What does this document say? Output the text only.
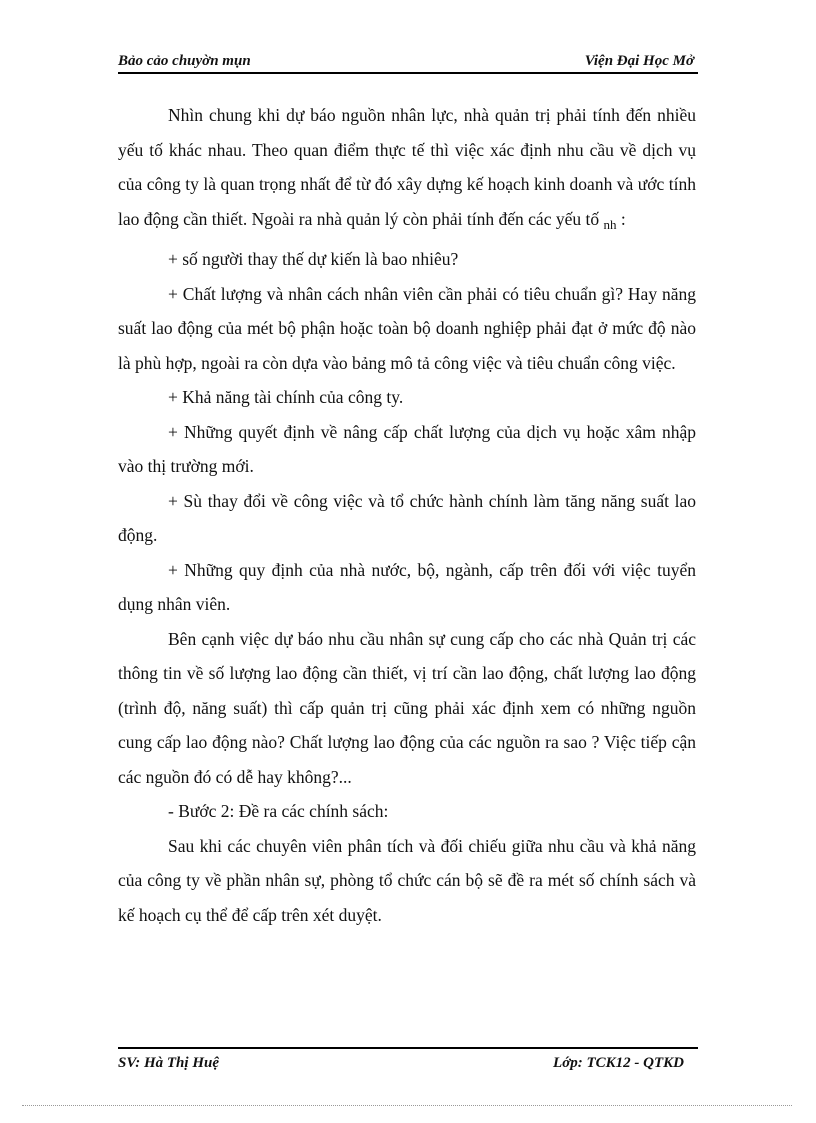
Bảo cảo chuyờn mụn	Viện Đại Học Mở

Nhìn chung khi dự báo nguồn nhân lực, nhà quản trị phải tính đến nhiều yếu tố khác nhau. Theo quan điểm thực tế thì việc xác định nhu cầu về dịch vụ của công ty là quan trọng nhất để từ đó xây dựng kế hoạch kinh doanh và ước tính lao động cần thiết. Ngoài ra nhà quản lý còn phải tính đến các yếu tố $_{nh}$ :

+ số người thay thế dự kiến là bao nhiêu?

+ Chất lượng và nhân cách nhân viên cần phải có tiêu chuẩn gì? Hay năng suất lao động của mét bộ phận hoặc toàn bộ doanh nghiệp phải đạt ở mức độ nào là phù hợp, ngoài ra còn dựa vào bảng mô tả công việc và tiêu chuẩn công việc.

+ Khả năng tài chính của công ty.

+ Những quyết định về nâng cấp chất lượng của dịch vụ hoặc xâm nhập vào thị trường mới.

+ Sù thay đổi về công việc và tổ chức hành chính làm tăng năng suất lao động.

+ Những quy định của nhà nước, bộ, ngành, cấp trên đối với việc tuyển dụng nhân viên.

Bên cạnh việc dự báo nhu cầu nhân sự cung cấp cho các nhà Quản trị các thông tin về số lượng lao động cần thiết, vị trí cần lao động, chất lượng lao động (trình độ, năng suất) thì cấp quản trị cũng phải xác định xem có những nguồn cung cấp lao động nào? Chất lượng lao động của các nguồn ra sao ? Việc tiếp cận các nguồn đó có dễ hay không?...

- Bước 2: Đề ra các chính sách:

Sau khi các chuyên viên phân tích và đối chiếu giữa nhu cầu và khả năng của công ty về phần nhân sự, phòng tổ chức cán bộ sẽ đề ra mét số chính sách và kế hoạch cụ thể để cấp trên xét duyệt.

SV: Hà Thị Huệ	Lớp: TCK12 - QTKD
